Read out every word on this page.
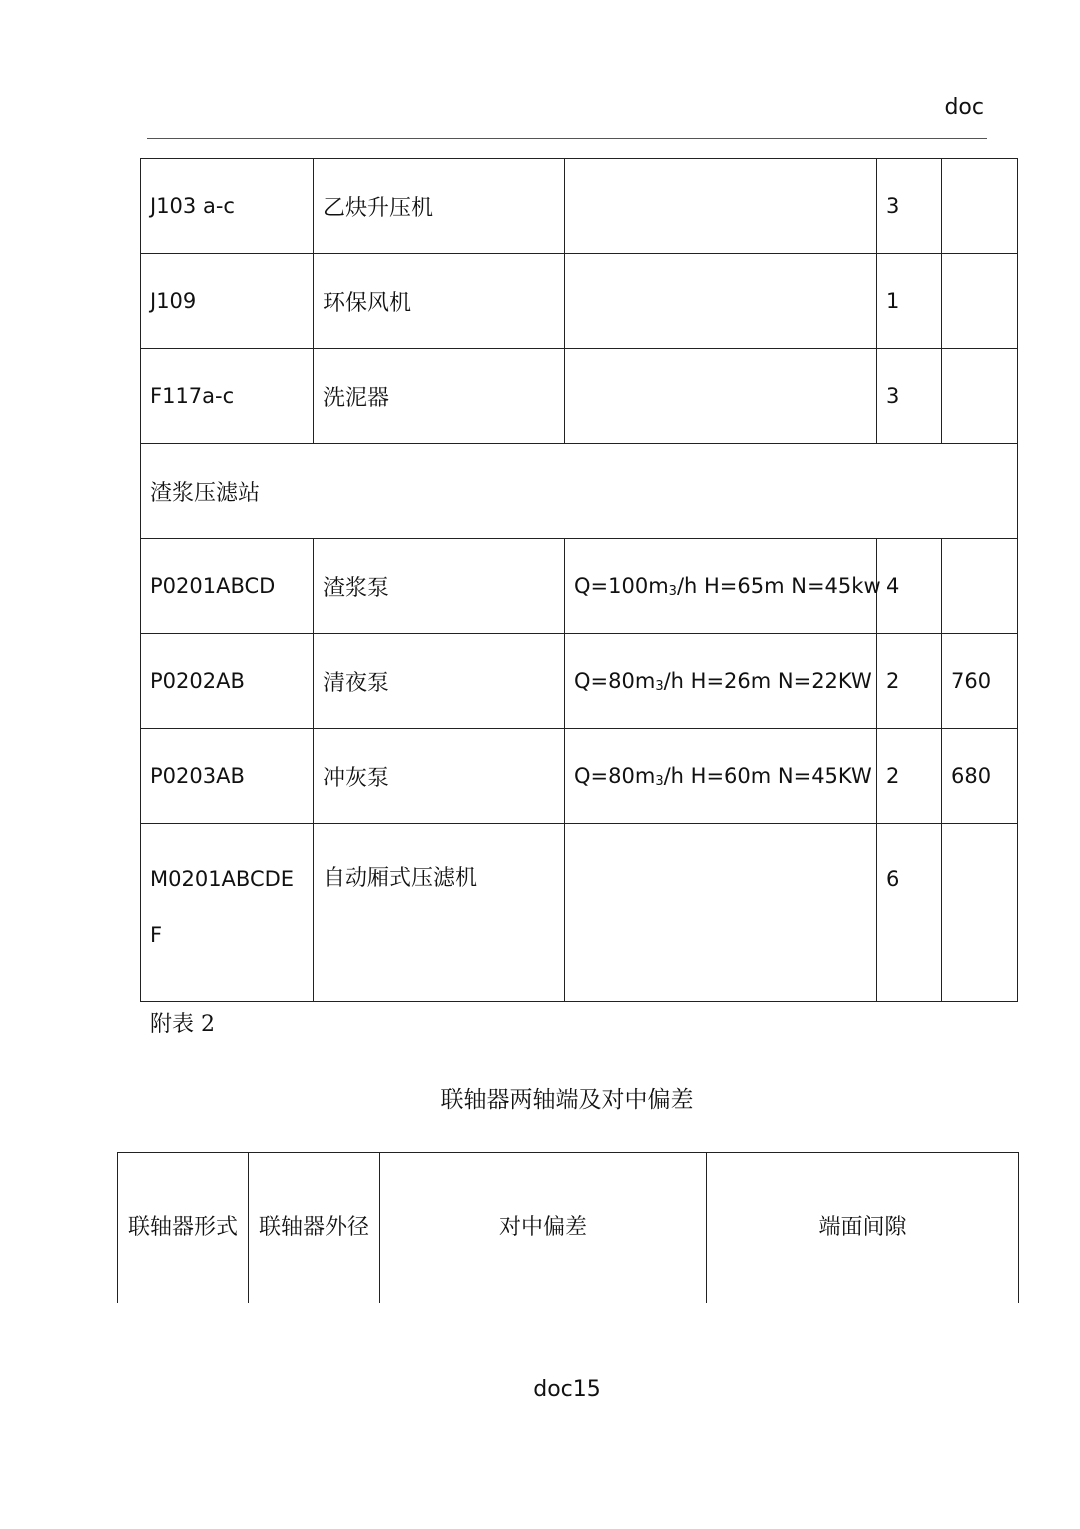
doc
J103 a-c	乙炔升压机		3	
J109	环保风机		1	
F117a-c	洗泥器		3	
渣浆压滤站				
P0201ABCD	渣浆泵	Q=100m3/h H=65m N=45kw	4	
P0202AB	清夜泵	Q=80m3/h H=26m N=22KW	2	760
P0203AB	冲灰泵	Q=80m3/h H=60m N=45KW	2	680
M0201ABCDEF	自动厢式压滤机		6	
附表 2
联轴器两轴端及对中偏差
联轴器形式	联轴器外径	对中偏差	端面间隙
doc15
